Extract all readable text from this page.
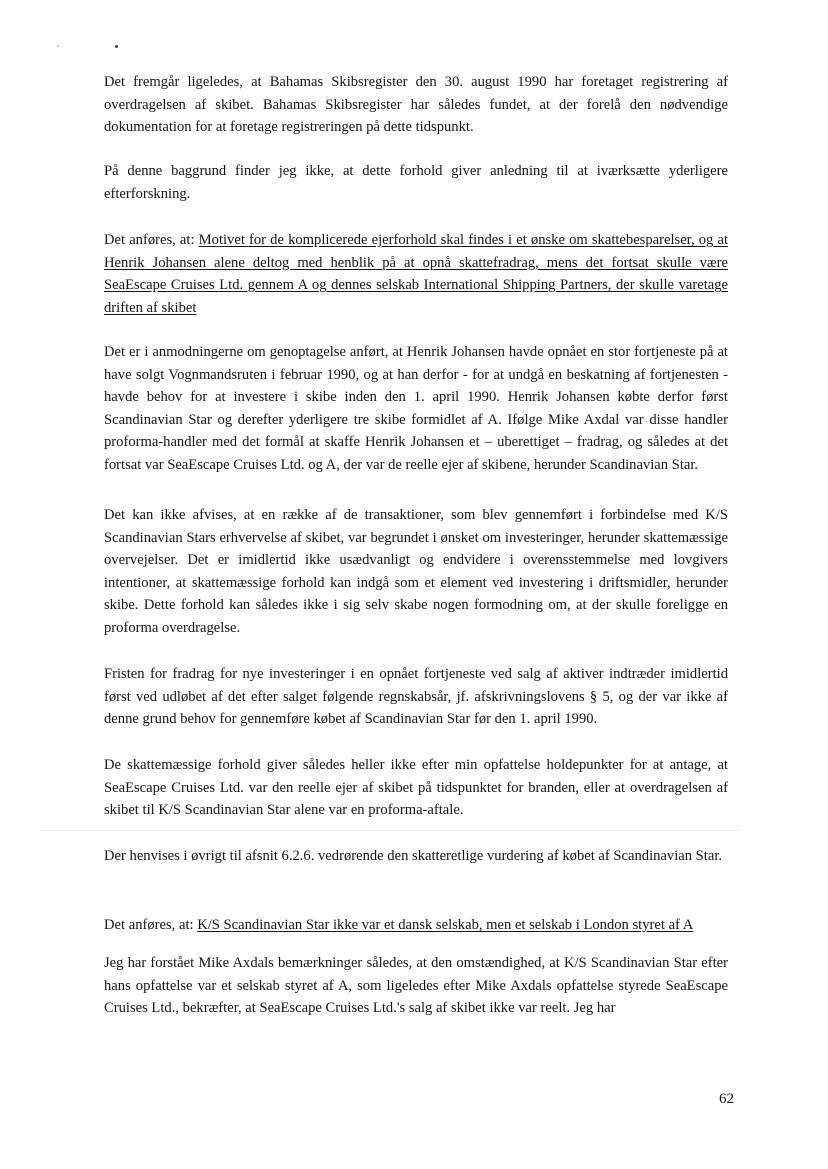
Det fremgår ligeledes, at Bahamas Skibsregister den 30. august 1990 har foretaget registrering af overdragelsen af skibet. Bahamas Skibsregister har således fundet, at der forelå den nødvendige dokumentation for at foretage registreringen på dette tidspunkt.

På denne baggrund finder jeg ikke, at dette forhold giver anledning til at iværksætte yderligere efterforskning.

Det anføres, at: Motivet for de komplicerede ejerforhold skal findes i et ønske om skattebesparelser, og at Henrik Johansen alene deltog med henblik på at opnå skattefradrag, mens det fortsat skulle være SeaEscape Cruises Ltd. gennem A og dennes selskab International Shipping Partners, der skulle varetage driften af skibet

Det er i anmodningerne om genoptagelse anført, at Henrik Johansen havde opnået en stor fortjeneste på at have solgt Vognmandsruten i februar 1990, og at han derfor - for at undgå en beskatning af fortjenesten - havde behov for at investere i skibe inden den 1. april 1990. Henrik Johansen købte derfor først Scandinavian Star og derefter yderligere tre skibe formidlet af A. Ifølge Mike Axdal var disse handler proforma-handler med det formål at skaffe Henrik Johansen et – uberettiget – fradrag, og således at det fortsat var SeaEscape Cruises Ltd. og A, der var de reelle ejer af skibene, herunder Scandinavian Star.

Det kan ikke afvises, at en række af de transaktioner, som blev gennemført i forbindelse med K/S Scandinavian Stars erhvervelse af skibet, var begrundet i ønsket om investeringer, herunder skattemæssige overvejelser. Det er imidlertid ikke usædvanligt og endvidere i overensstemmelse med lovgivers intentioner, at skattemæssige forhold kan indgå som et element ved investering i driftsmidler, herunder skibe. Dette forhold kan således ikke i sig selv skabe nogen formodning om, at der skulle foreligge en proforma overdragelse.

Fristen for fradrag for nye investeringer i en opnået fortjeneste ved salg af aktiver indtræder imidlertid først ved udløbet af det efter salget følgende regnskabsår, jf. afskrivningslovens § 5, og der var ikke af denne grund behov for gennemføre købet af Scandinavian Star før den 1. april 1990.

De skattemæssige forhold giver således heller ikke efter min opfattelse holdepunkter for at antage, at SeaEscape Cruises Ltd. var den reelle ejer af skibet på tidspunktet for branden, eller at overdragelsen af skibet til K/S Scandinavian Star alene var en proforma-aftale.

Der henvises i øvrigt til afsnit 6.2.6. vedrørende den skatteretlige vurdering af købet af Scandinavian Star.

Det anføres, at: K/S Scandinavian Star ikke var et dansk selskab, men et selskab i London styret af A

Jeg har forstået Mike Axdals bemærkninger således, at den omstændighed, at K/S Scandinavian Star efter hans opfattelse var et selskab styret af A, som ligeledes efter Mike Axdals opfattelse styrede SeaEscape Cruises Ltd., bekræfter, at SeaEscape Cruises Ltd.'s salg af skibet ikke var reelt. Jeg har

62
